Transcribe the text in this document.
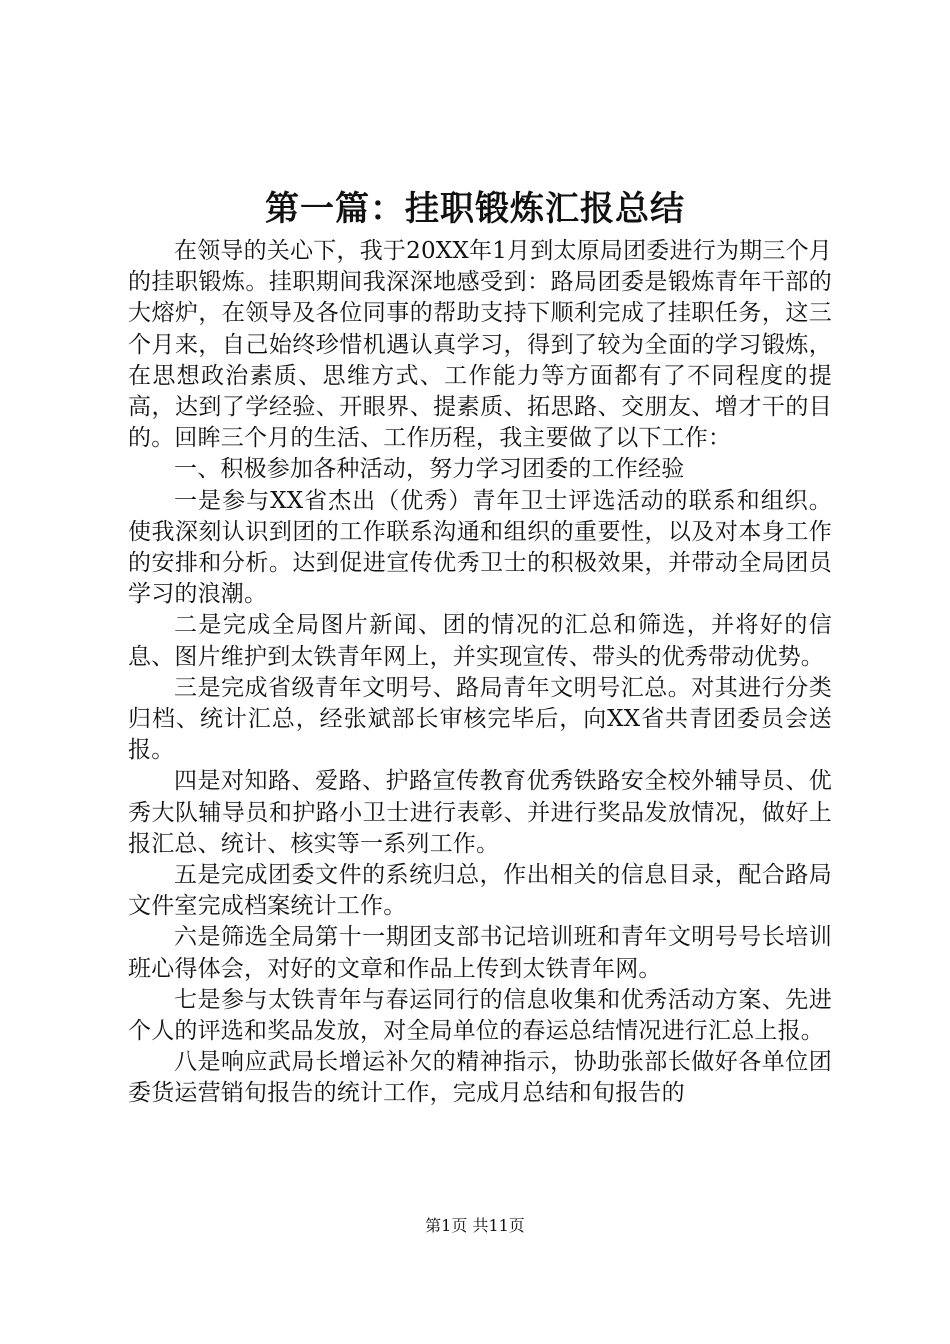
第一篇：挂职锻炼汇报总结

在领导的关心下，我于20XX年1月到太原局团委进行为期三个月的挂职锻炼。挂职期间我深深地感受到：路局团委是锻炼青年干部的大熔炉，在领导及各位同事的帮助支持下顺利完成了挂职任务，这三个月来，自己始终珍惜机遇认真学习，得到了较为全面的学习锻炼，在思想政治素质、思维方式、工作能力等方面都有了不同程度的提高，达到了学经验、开眼界、提素质、拓思路、交朋友、增才干的目的。回眸三个月的生活、工作历程，我主要做了以下工作：

一、积极参加各种活动，努力学习团委的工作经验

一是参与XX省杰出（优秀）青年卫士评选活动的联系和组织。使我深刻认识到团的工作联系沟通和组织的重要性，以及对本身工作的安排和分析。达到促进宣传优秀卫士的积极效果，并带动全局团员学习的浪潮。

二是完成全局图片新闻、团的情况的汇总和筛选，并将好的信息、图片维护到太铁青年网上，并实现宣传、带头的优秀带动优势。

三是完成省级青年文明号、路局青年文明号汇总。对其进行分类归档、统计汇总，经张斌部长审核完毕后，向XX省共青团委员会送报。

四是对知路、爱路、护路宣传教育优秀铁路安全校外辅导员、优秀大队辅导员和护路小卫士进行表彰、并进行奖品发放情况，做好上报汇总、统计、核实等一系列工作。

五是完成团委文件的系统归总，作出相关的信息目录，配合路局文件室完成档案统计工作。

六是筛选全局第十一期团支部书记培训班和青年文明号号长培训班心得体会，对好的文章和作品上传到太铁青年网。

七是参与太铁青年与春运同行的信息收集和优秀活动方案、先进个人的评选和奖品发放，对全局单位的春运总结情况进行汇总上报。

八是响应武局长增运补欠的精神指示，协助张部长做好各单位团委货运营销旬报告的统计工作，完成月总结和旬报告的

第1页 共11页
